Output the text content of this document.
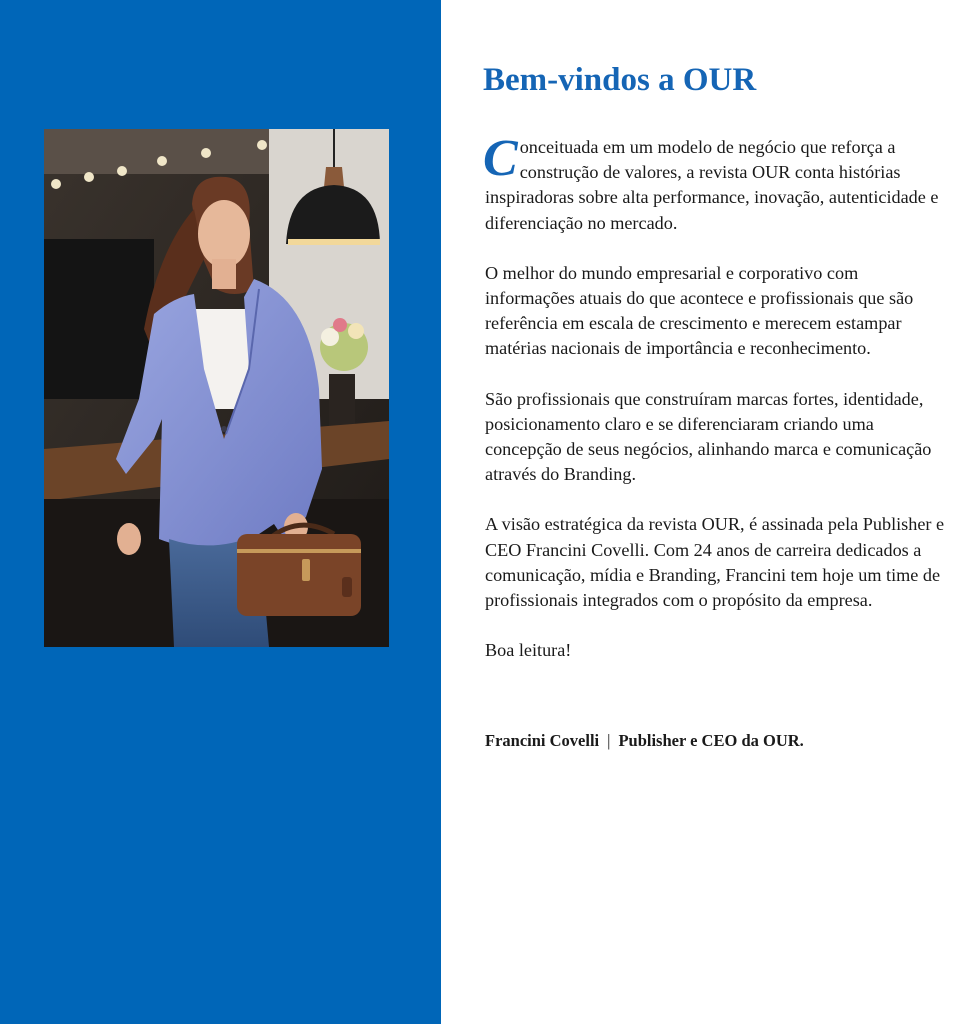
Bem-vindos a OUR

Conceituada em um modelo de negócio que reforça a construção de valores, a revista OUR conta histórias inspiradoras sobre alta performance, inovação, autenticidade e diferenciação no mercado.

O melhor do mundo empresarial e corporativo com informações atuais do que acontece e profissionais que são referência em escala de crescimento e merecem estampar matérias nacionais de importância e reconhecimento.

São profissionais que construíram marcas fortes, identidade, posicionamento claro e se diferenciaram criando uma concepção de seus negócios, alinhando marca e comunicação através do Branding.

A visão estratégica da revista OUR, é assinada pela Publisher e CEO Francini Covelli. Com 24 anos de carreira dedicados a comunicação, mídia e Branding, Francini tem hoje um time de profissionais integrados com o propósito da empresa.

Boa leitura!

Francini Covelli | Publisher e CEO da OUR.
